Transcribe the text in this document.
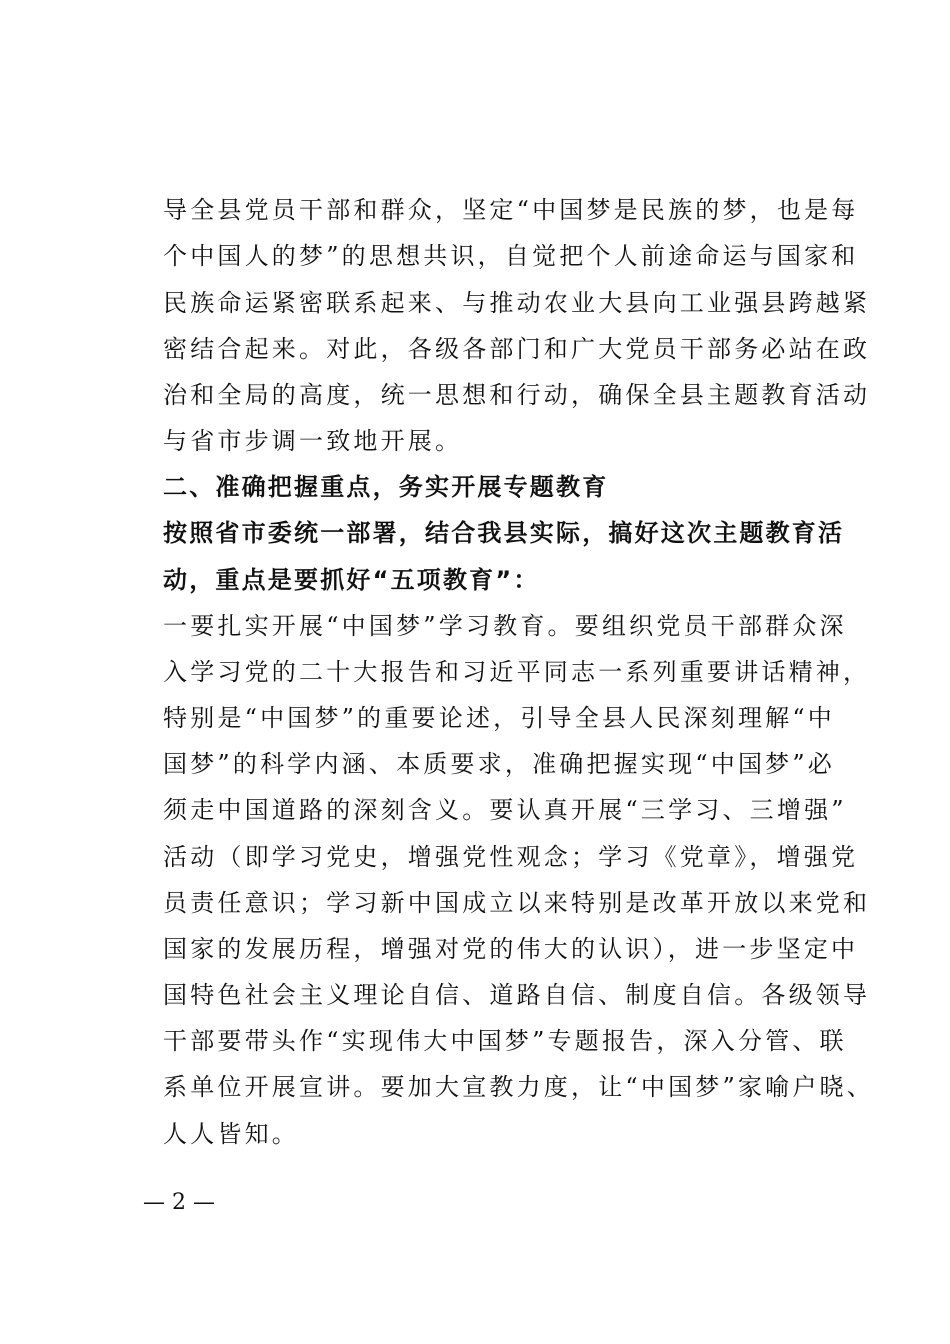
导全县党员干部和群众，坚定“中国梦是民族的梦，也是每
个中国人的梦”的思想共识，自觉把个人前途命运与国家和
民族命运紧密联系起来、与推动农业大县向工业强县跨越紧
密结合起来。对此，各级各部门和广大党员干部务必站在政
治和全局的高度，统一思想和行动，确保全县主题教育活动
与省市步调一致地开展。
二、准确把握重点，务实开展专题教育
按照省市委统一部署，结合我县实际，搞好这次主题教育活
动，重点是要抓好“五项教育”：
一要扎实开展“中国梦”学习教育。要组织党员干部群众深
入学习党的二十大报告和习近平同志一系列重要讲话精神，
特别是“中国梦”的重要论述，引导全县人民深刻理解“中
国梦”的科学内涵、本质要求，准确把握实现“中国梦”必
须走中国道路的深刻含义。要认真开展“三学习、三增强”
活动（即学习党史，增强党性观念；学习《党章》，增强党
员责任意识；学习新中国成立以来特别是改革开放以来党和
国家的发展历程，增强对党的伟大的认识），进一步坚定中
国特色社会主义理论自信、道路自信、制度自信。各级领导
干部要带头作“实现伟大中国梦”专题报告，深入分管、联
系单位开展宣讲。要加大宣教力度，让“中国梦”家喻户晓、
人人皆知。
— 2 —
